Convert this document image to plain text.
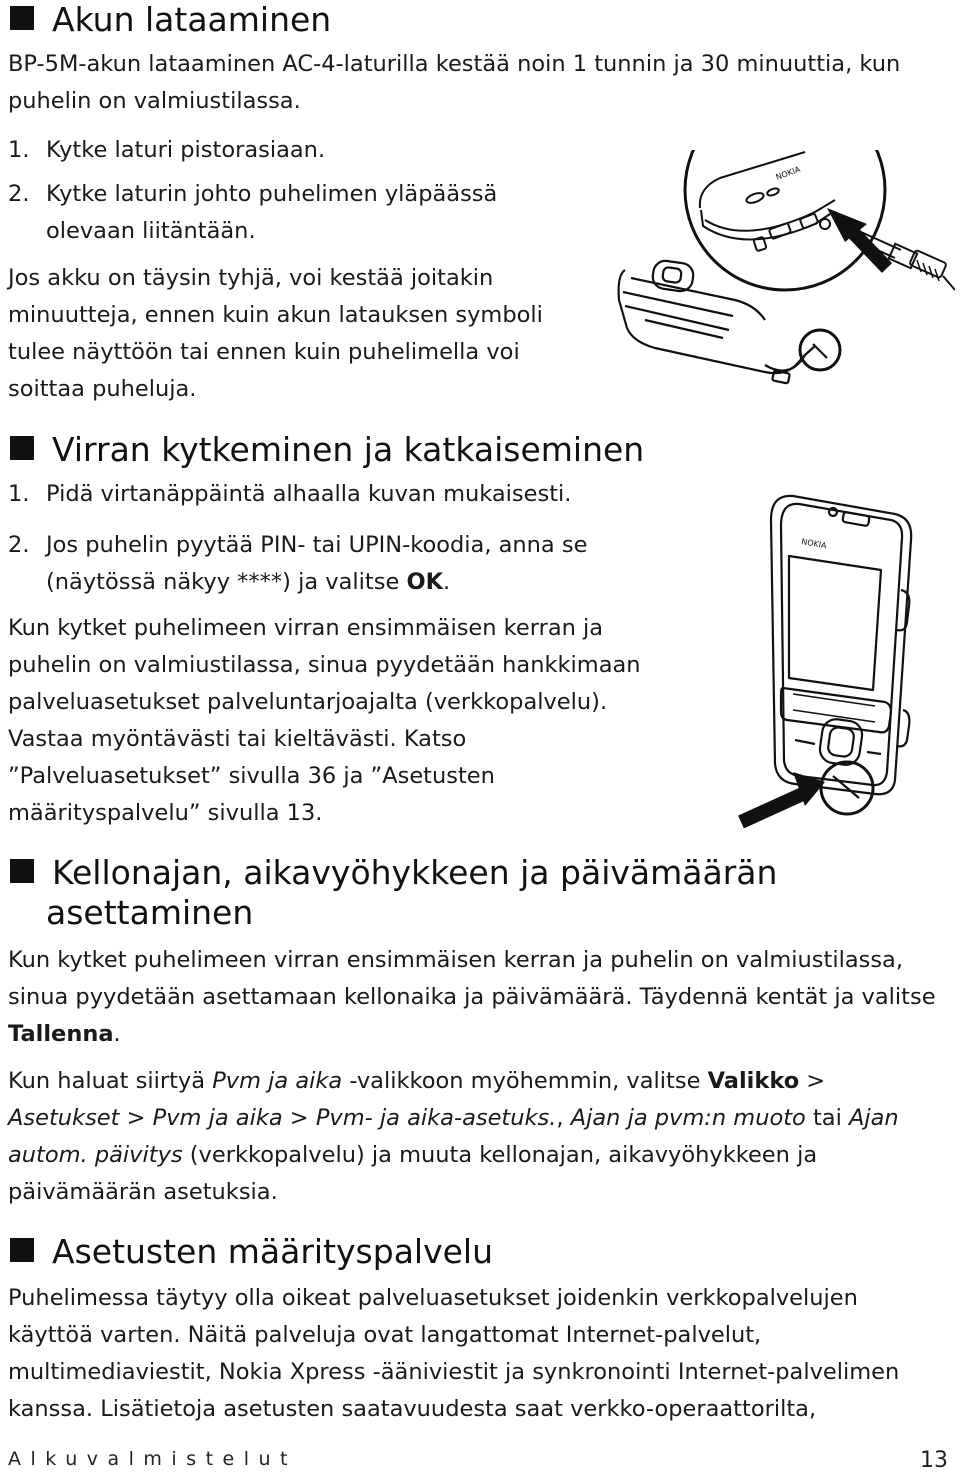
Akun lataaminen

BP-5M-akun lataaminen AC-4-laturilla kestää noin 1 tunnin ja 30 minuuttia, kun
puhelin on valmiustilassa.

1. Kytke laturi pistorasiaan.
2. Kytke laturin johto puhelimen yläpäässä
olevaan liitäntään.

Jos akku on täysin tyhjä, voi kestää joitakin
minuutteja, ennen kuin akun latauksen symboli
tulee näyttöön tai ennen kuin puhelimella voi
soittaa puheluja.

NOKIA
Virran kytkeminen ja katkaiseminen
1. Pidä virtanäppäintä alhaalla kuvan mukaisesti.
2. Jos puhelin pyytää PIN- tai UPIN-koodia, anna se
(näytössä näkyy ****) ja valitse OK.

Kun kytket puhelimeen virran ensimmäisen kerran ja
puhelin on valmiustilassa, sinua pyydetään hankkimaan
palveluasetukset palveluntarjoajalta (verkkopalvelu).
Vastaa myöntävästi tai kieltävästi. Katso
”Palveluasetukset” sivulla 36 ja ”Asetusten
määrityspalvelu” sivulla 13.

NOKIA
Kellonajan, aikavyöhykkeen ja päivämäärän
asettaminen

Kun kytket puhelimeen virran ensimmäisen kerran ja puhelin on valmiustilassa,
sinua pyydetään asettamaan kellonaika ja päivämäärä. Täydennä kentät ja valitse
Tallenna.

Kun haluat siirtyä Pvm ja aika -valikkoon myöhemmin, valitse Valikko >
Asetukset > Pvm ja aika > Pvm- ja aika-asetuks., Ajan ja pvm:n muoto tai Ajan
autom. päivitys (verkkopalvelu) ja muuta kellonajan, aikavyöhykkeen ja
päivämäärän asetuksia.

Asetusten määrityspalvelu

Puhelimessa täytyy olla oikeat palveluasetukset joidenkin verkkopalvelujen
käyttöä varten. Näitä palveluja ovat langattomat Internet-palvelut,
multimediaviestit, Nokia Xpress -ääniviestit ja synkronointi Internet-palvelimen
kanssa. Lisätietoja asetusten saatavuudesta saat verkko-operaattorilta,

Alkuvalmistelut	13
